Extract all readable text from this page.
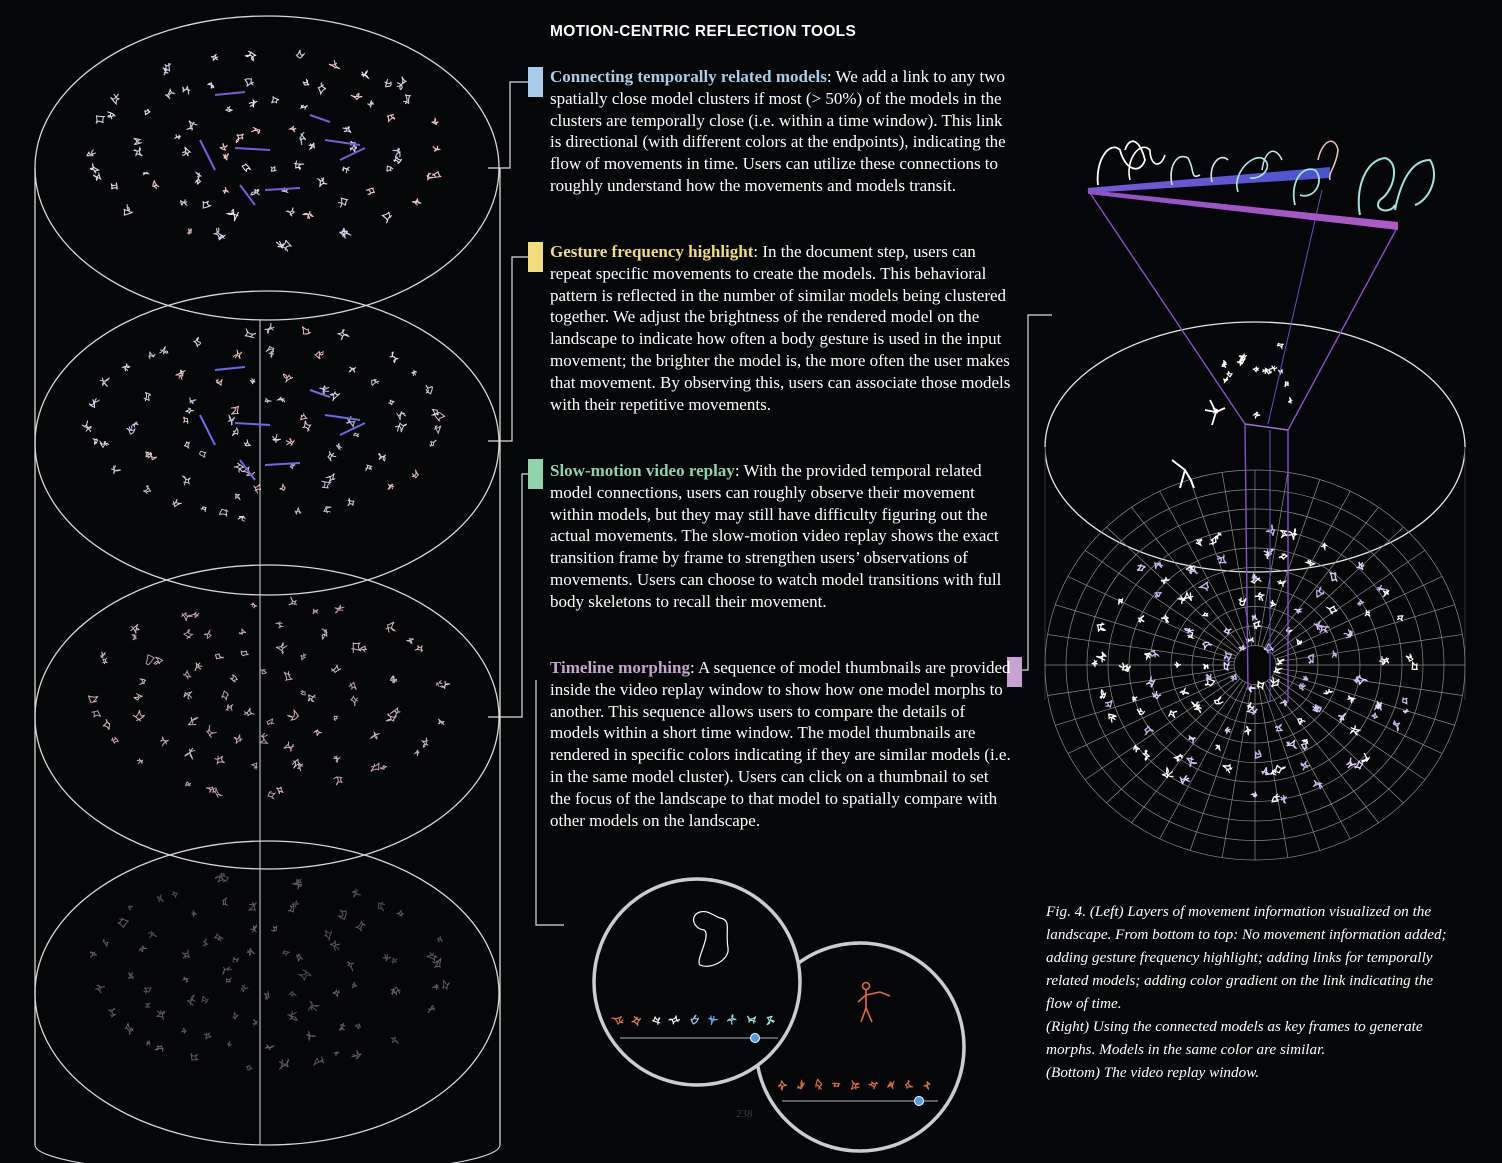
MOTION-CENTRIC REFLECTION TOOLS

Connecting temporally related models: We add a link to any two spatially close model clusters if most (> 50%) of the models in the clusters are temporally close (i.e. within a time window). This link is directional (with different colors at the endpoints), indicating the flow of movements in time. Users can utilize these connections to roughly understand how the movements and models transit.

Gesture frequency highlight: In the document step, users can repeat specific movements to create the models. This behavioral pattern is reflected in the number of similar models being clustered together. We adjust the brightness of the rendered model on the landscape to indicate how often a body gesture is used in the input movement; the brighter the model is, the more often the user makes that movement. By observing this, users can associate those models with their repetitive movements.

Slow-motion video replay: With the provided temporal related model connections, users can roughly observe their movement within models, but they may still have difficulty figuring out the actual movements. The slow-motion video replay shows the exact transition frame by frame to strengthen users’ observations of movements. Users can choose to watch model transitions with full body skeletons to recall their movement.

Timeline morphing: A sequence of model thumbnails are provided inside the video replay window to show how one model morphs to another. This sequence allows users to compare the details of models within a short time window. The model thumbnails are rendered in specific colors indicating if they are similar models (i.e. in the same model cluster). Users can click on a thumbnail to set the focus of the landscape to that model to spatially compare with other models on the landscape.

Fig. 4. (Left) Layers of movement information visualized on the landscape. From bottom to top: No movement information added; adding gesture frequency highlight; adding links for temporally related models; adding color gradient on the link indicating the flow of time.
(Right) Using the connected models as key frames to generate morphs. Models in the same color are similar.
(Bottom) The video replay window.
238
